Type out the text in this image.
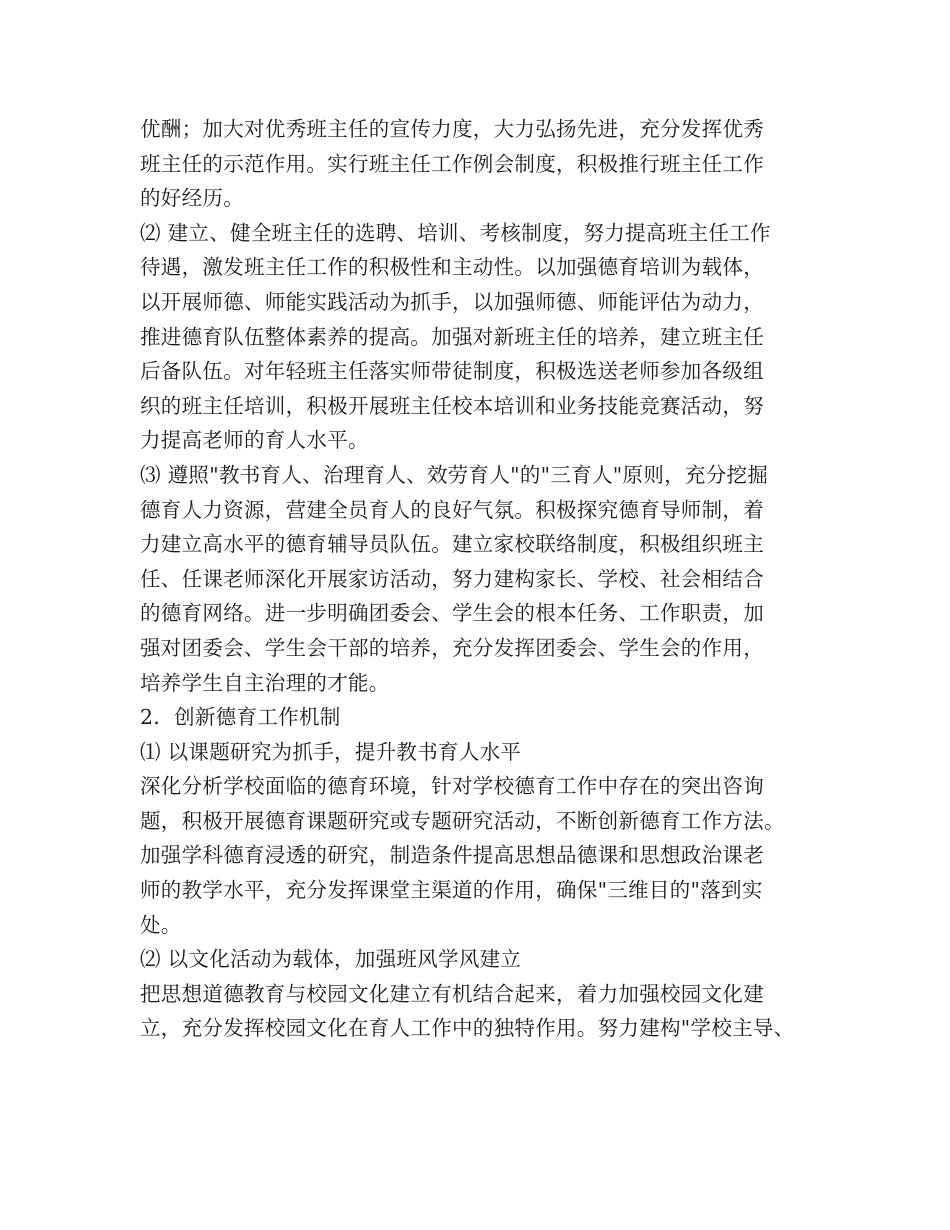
优酬；加大对优秀班主任的宣传力度，大力弘扬先进，充分发挥优秀
班主任的示范作用。实行班主任工作例会制度，积极推行班主任工作
的好经历。
⑵ 建立、健全班主任的选聘、培训、考核制度，努力提高班主任工作
待遇，激发班主任工作的积极性和主动性。以加强德育培训为载体，
以开展师德、师能实践活动为抓手，以加强师德、师能评估为动力，
推进德育队伍整体素养的提高。加强对新班主任的培养，建立班主任
后备队伍。对年轻班主任落实师带徒制度，积极选送老师参加各级组
织的班主任培训，积极开展班主任校本培训和业务技能竞赛活动，努
力提高老师的育人水平。
⑶ 遵照"教书育人、治理育人、效劳育人"的"三育人"原则，充分挖掘
德育人力资源，营建全员育人的良好气氛。积极探究德育导师制，着
力建立高水平的德育辅导员队伍。建立家校联络制度，积极组织班主
任、任课老师深化开展家访活动，努力建构家长、学校、社会相结合
的德育网络。进一步明确团委会、学生会的根本任务、工作职责，加
强对团委会、学生会干部的培养，充分发挥团委会、学生会的作用，
培养学生自主治理的才能。
2．创新德育工作机制
⑴ 以课题研究为抓手，提升教书育人水平
深化分析学校面临的德育环境，针对学校德育工作中存在的突出咨询
题，积极开展德育课题研究或专题研究活动，不断创新德育工作方法。
加强学科德育浸透的研究，制造条件提高思想品德课和思想政治课老
师的教学水平，充分发挥课堂主渠道的作用，确保"三维目的"落到实
处。
⑵ 以文化活动为载体，加强班风学风建立
把思想道德教育与校园文化建立有机结合起来，着力加强校园文化建
立，充分发挥校园文化在育人工作中的独特作用。努力建构"学校主导、
